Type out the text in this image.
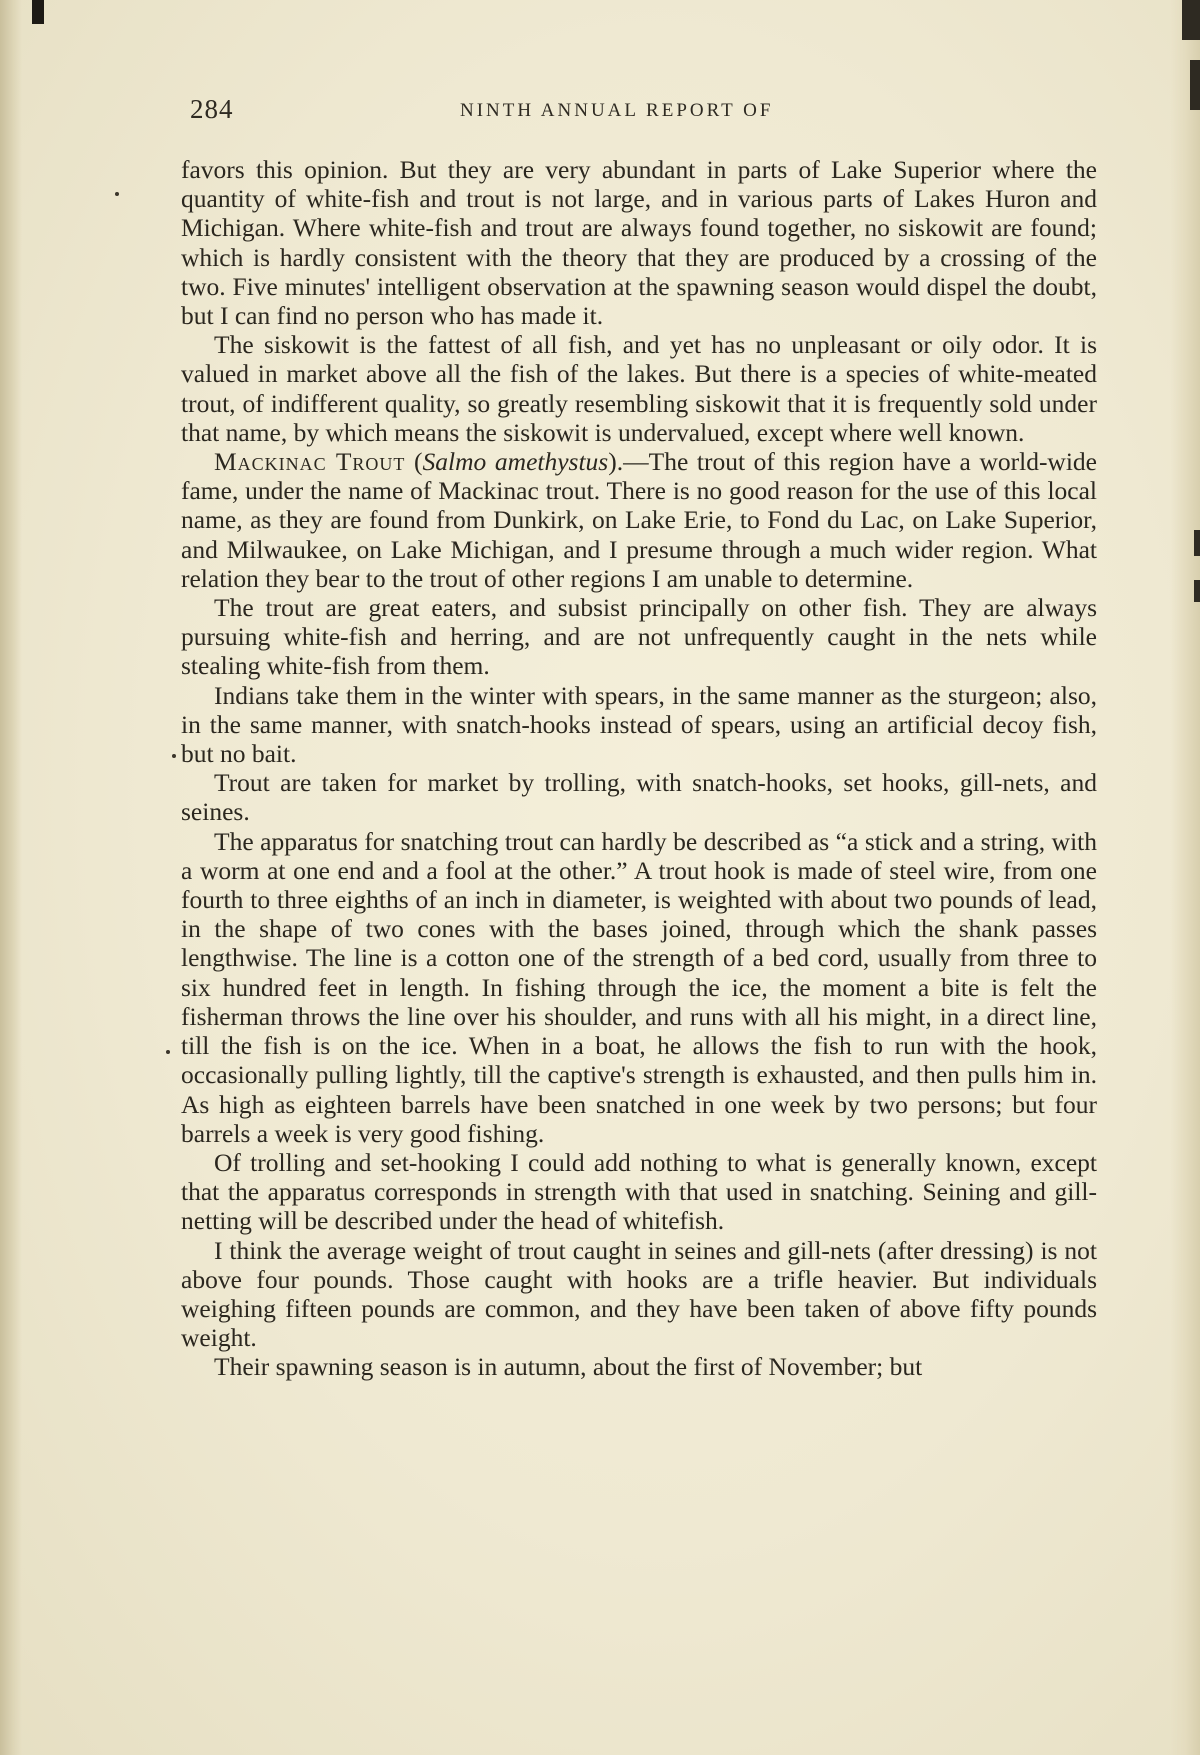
284	NINTH ANNUAL REPORT OF

favors this opinion. But they are very abundant in parts of Lake Superior where the quantity of white-fish and trout is not large, and in various parts of Lakes Huron and Michigan. Where white-fish and trout are always found together, no siskowit are found; which is hardly consistent with the theory that they are produced by a crossing of the two. Five minutes' intelligent observation at the spawning season would dispel the doubt, but I can find no person who has made it.

The siskowit is the fattest of all fish, and yet has no unpleasant or oily odor. It is valued in market above all the fish of the lakes. But there is a species of white-meated trout, of indifferent quality, so greatly resembling siskowit that it is frequently sold under that name, by which means the siskowit is undervalued, except where well known.

Mackinac Trout (Salmo amethystus).—The trout of this region have a world-wide fame, under the name of Mackinac trout. There is no good reason for the use of this local name, as they are found from Dunkirk, on Lake Erie, to Fond du Lac, on Lake Superior, and Milwaukee, on Lake Michigan, and I presume through a much wider region. What relation they bear to the trout of other regions I am unable to determine.

The trout are great eaters, and subsist principally on other fish. They are always pursuing white-fish and herring, and are not unfrequently caught in the nets while stealing white-fish from them.

Indians take them in the winter with spears, in the same manner as the sturgeon; also, in the same manner, with snatch-hooks instead of spears, using an artificial decoy fish, but no bait.

Trout are taken for market by trolling, with snatch-hooks, set hooks, gill-nets, and seines.

The apparatus for snatching trout can hardly be described as “a stick and a string, with a worm at one end and a fool at the other.” A trout hook is made of steel wire, from one fourth to three eighths of an inch in diameter, is weighted with about two pounds of lead, in the shape of two cones with the bases joined, through which the shank passes lengthwise. The line is a cotton one of the strength of a bed cord, usually from three to six hundred feet in length. In fishing through the ice, the moment a bite is felt the fisherman throws the line over his shoulder, and runs with all his might, in a direct line, till the fish is on the ice. When in a boat, he allows the fish to run with the hook, occasionally pulling lightly, till the captive's strength is exhausted, and then pulls him in. As high as eighteen barrels have been snatched in one week by two persons; but four barrels a week is very good fishing.

Of trolling and set-hooking I could add nothing to what is generally known, except that the apparatus corresponds in strength with that used in snatching. Seining and gill-netting will be described under the head of whitefish.

I think the average weight of trout caught in seines and gill-nets (after dressing) is not above four pounds. Those caught with hooks are a trifle heavier. But individuals weighing fifteen pounds are common, and they have been taken of above fifty pounds weight.

Their spawning season is in autumn, about the first of November; but
